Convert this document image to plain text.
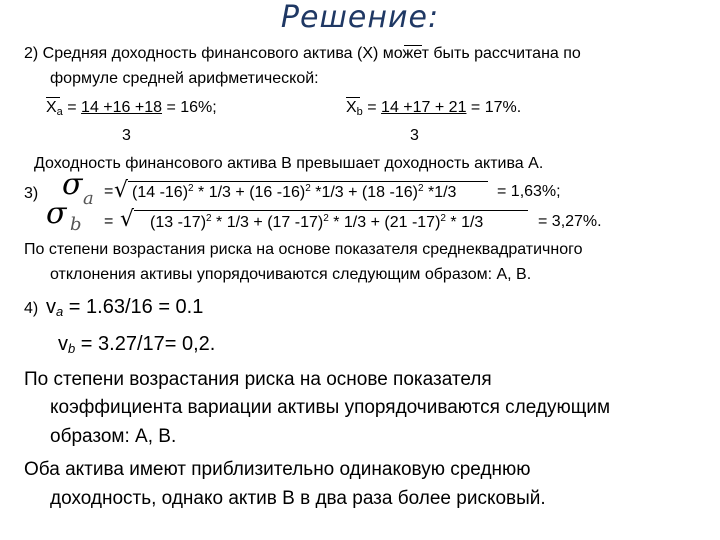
Решение:
2) Средняя доходность финансового актива (X) может быть рассчитана по
формуле средней арифметической:
$X_a = 14 +16 +18 = 16\%$;	$X_b = 14 +17 + 21 = 17\%$.
3	3
Доходность финансового актива В превышает доходность актива А.
3) σ a = √ (14 -16)$^2$ * 1/3 + (16 -16)$^2$ *1/3 + (18 -16)$^2$ *1/3	= 1,63%;
σ b = √ (13 -17)$^2$ * 1/3 + (17 -17)$^2$ * 1/3 + (21 -17)$^2$ * 1/3	= 3,27%.
По степени возрастания риска на основе показателя среднеквадратичного
отклонения активы упорядочиваются следующим образом: А, В.
4) $v_a = 1.63/16 = 0.1$
$v_b = 3.27/17= 0,2$.
По степени возрастания риска на основе показателя
коэффициента вариации активы упорядочиваются следующим
образом: А, В.
Оба актива имеют приблизительно одинаковую среднюю
доходность, однако актив В в два раза более рисковый.
